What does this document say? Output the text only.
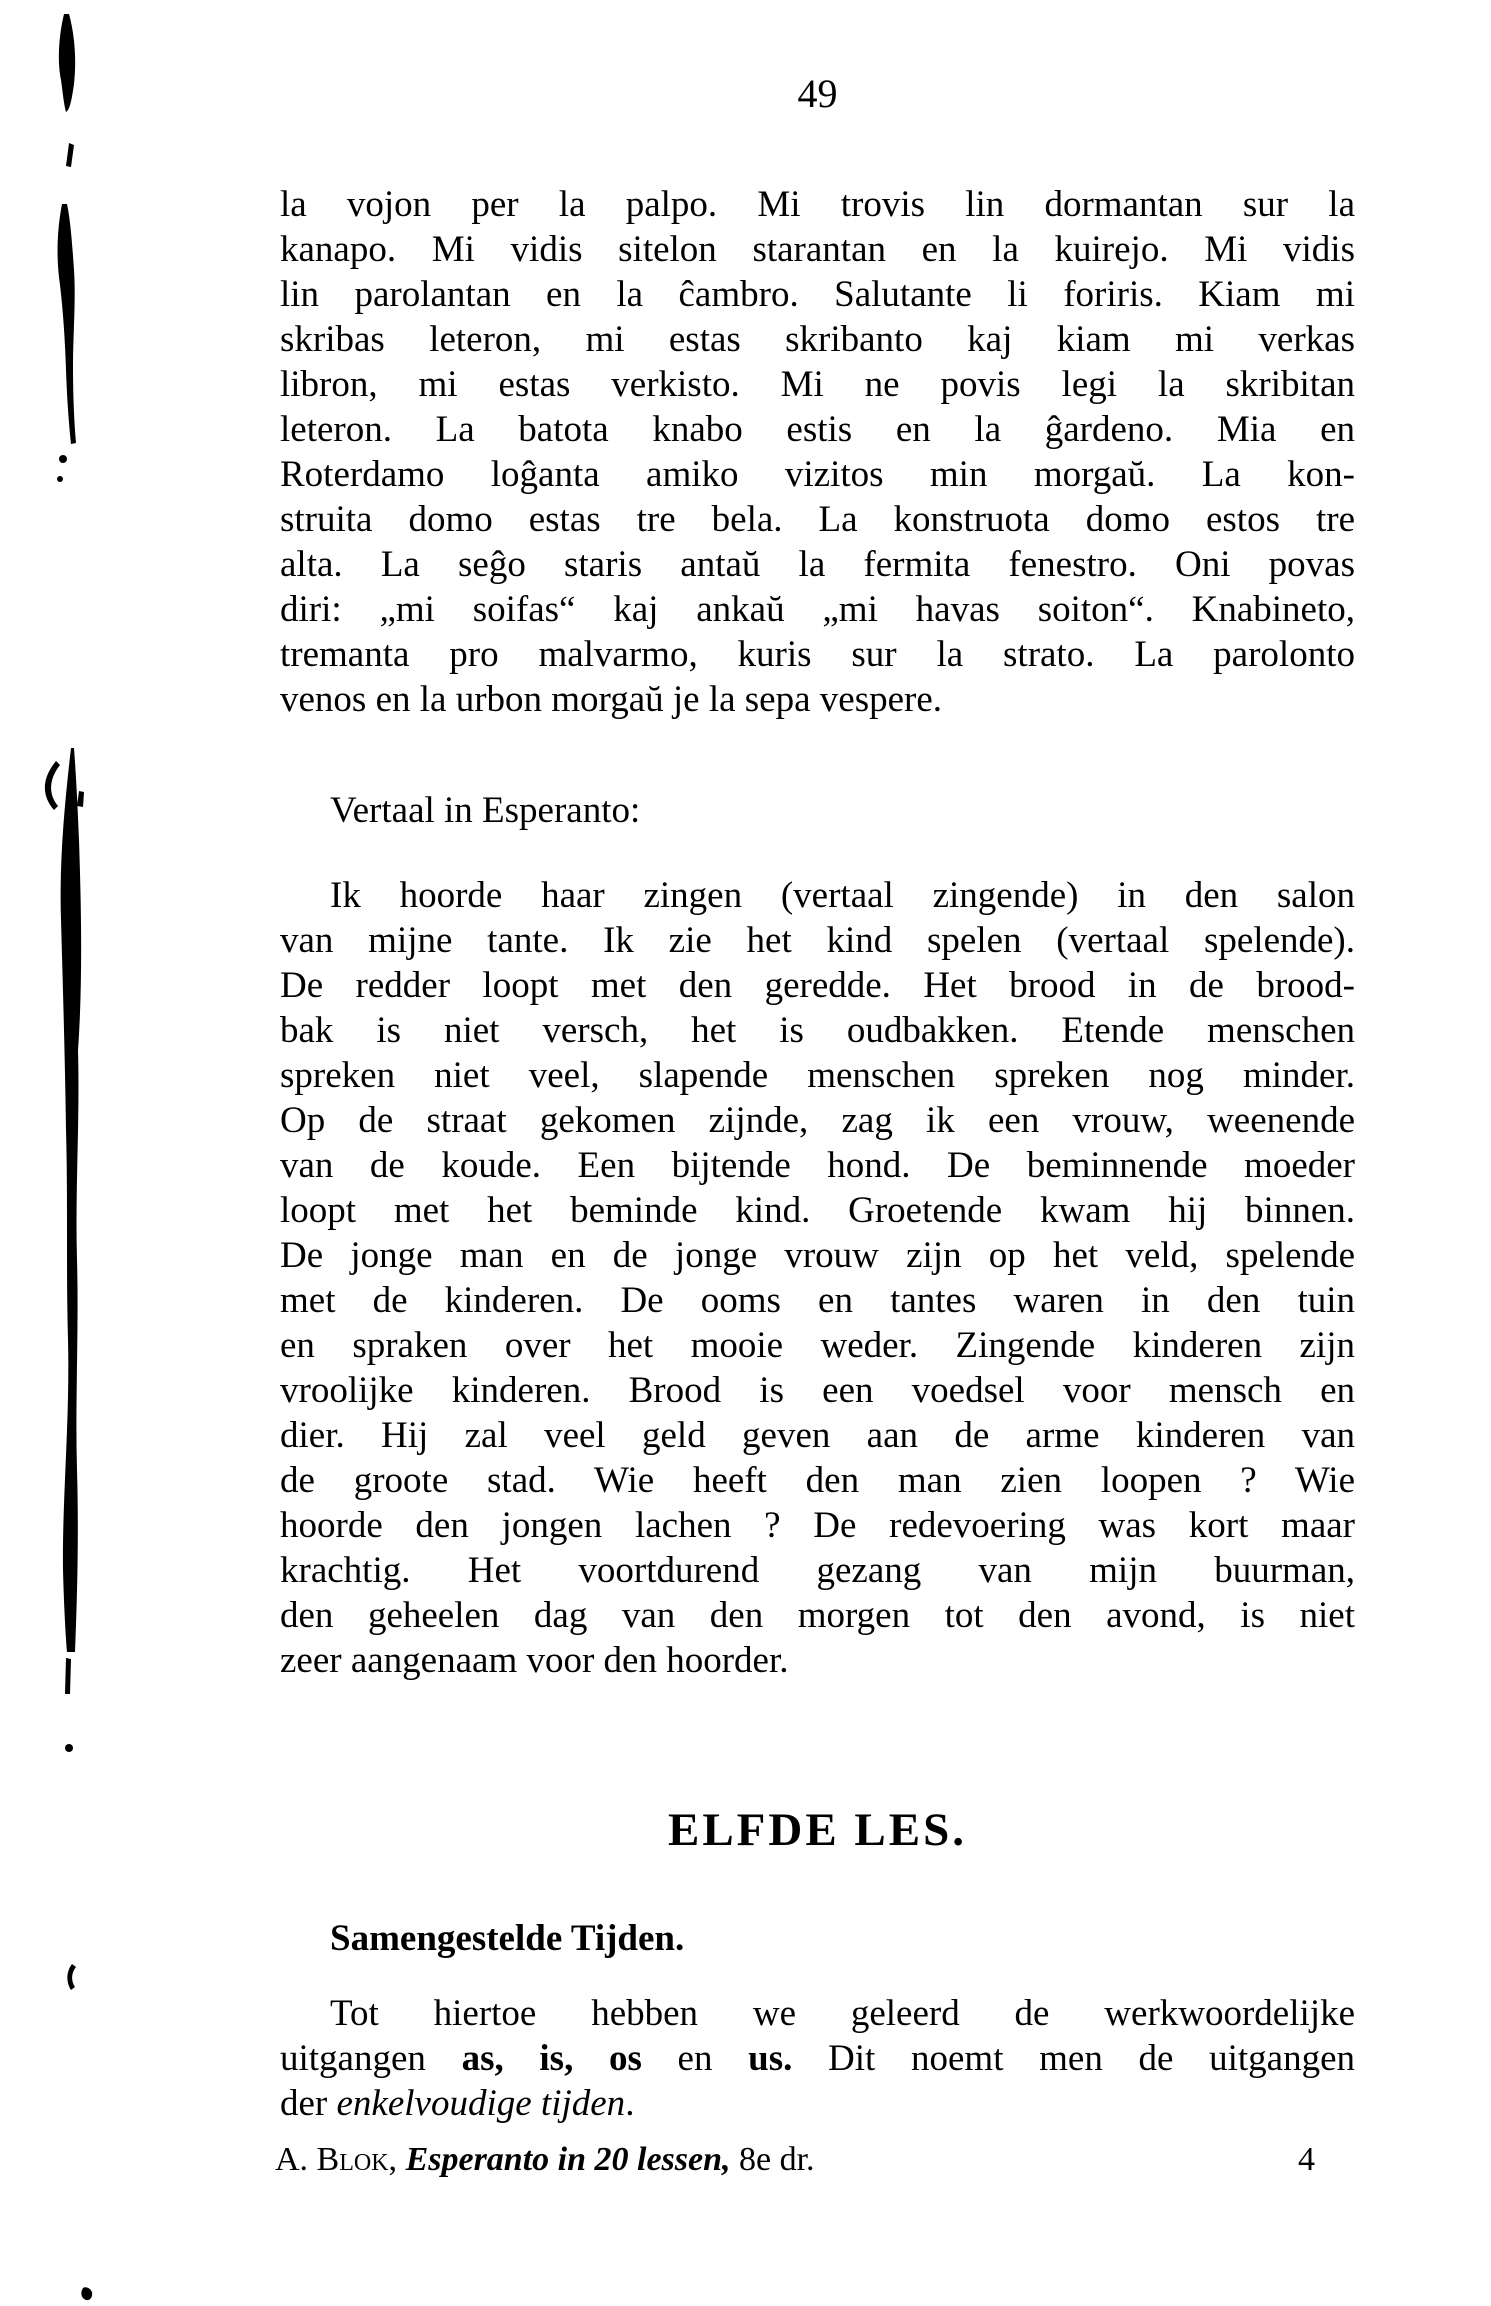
49
la vojon per la palpo. Mi trovis lin dormantan sur la
kanapo. Mi vidis sitelon starantan en la kuirejo. Mi vidis
lin parolantan en la ĉambro. Salutante li foriris. Kiam mi
skribas leteron, mi estas skribanto kaj kiam mi verkas
libron, mi estas verkisto. Mi ne povis legi la skribitan
leteron. La batota knabo estis en la ĝardeno. Mia en
Roterdamo loĝanta amiko vizitos min morgaŭ. La kon-
struita domo estas tre bela. La konstruota domo estos tre
alta. La seĝo staris antaŭ la fermita fenestro. Oni povas
diri: „mi soifas“ kaj ankaŭ „mi havas soiton“. Knabineto,
tremanta pro malvarmo, kuris sur la strato. La parolonto
venos en la urbon morgaŭ je la sepa vespere.
Vertaal in Esperanto:
Ik hoorde haar zingen (vertaal zingende) in den salon
van mijne tante. Ik zie het kind spelen (vertaal spelende).
De redder loopt met den geredde. Het brood in de brood-
bak is niet versch, het is oudbakken. Etende menschen
spreken niet veel, slapende menschen spreken nog minder.
Op de straat gekomen zijnde, zag ik een vrouw, weenende
van de koude. Een bijtende hond. De beminnende moeder
loopt met het beminde kind. Groetende kwam hij binnen.
De jonge man en de jonge vrouw zijn op het veld, spelende
met de kinderen. De ooms en tantes waren in den tuin
en spraken over het mooie weder. Zingende kinderen zijn
vroolijke kinderen. Brood is een voedsel voor mensch en
dier. Hij zal veel geld geven aan de arme kinderen van
de groote stad. Wie heeft den man zien loopen ? Wie
hoorde den jongen lachen ? De redevoering was kort maar
krachtig. Het voortdurend gezang van mijn buurman,
den geheelen dag van den morgen tot den avond, is niet
zeer aangenaam voor den hoorder.
ELFDE LES.
Samengestelde Tijden.
Tot hiertoe hebben we geleerd de werkwoordelijke
uitgangen as, is, os en us. Dit noemt men de uitgangen
der enkelvoudige tijden.
A. Blok, Esperanto in 20 lessen, 8e dr.	4
